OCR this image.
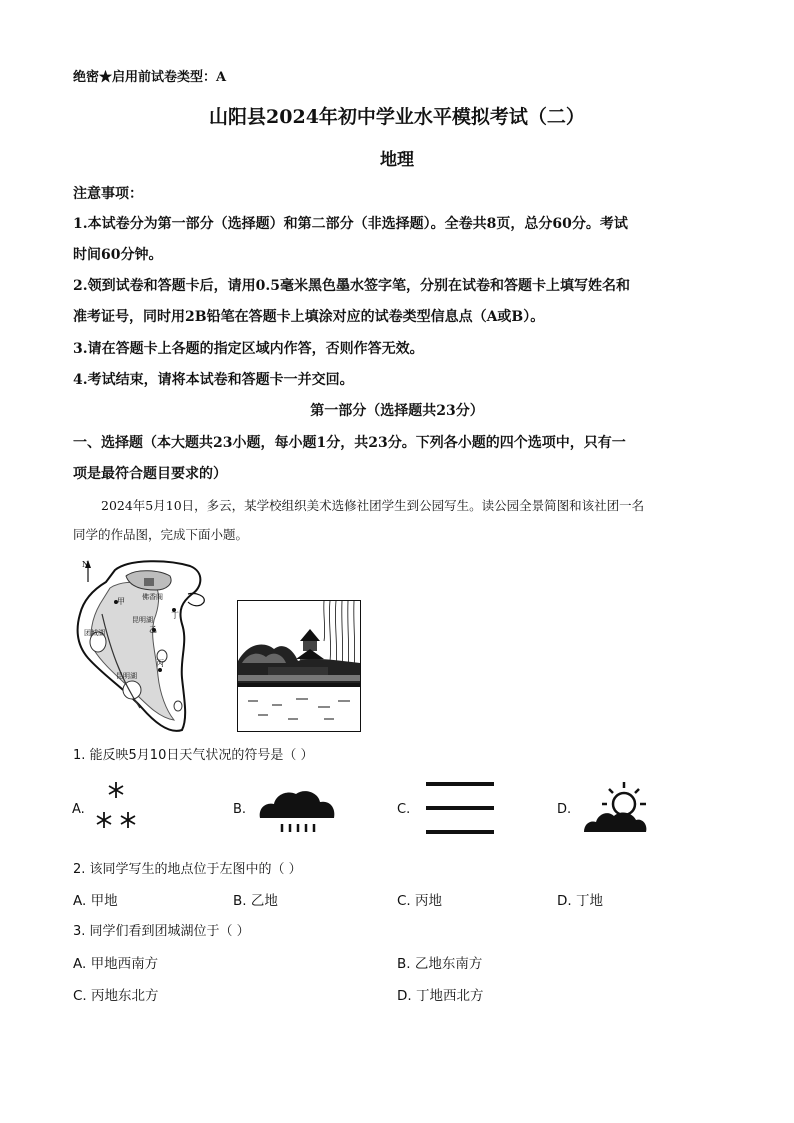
绝密★启用前试卷类型：A
山阳县2024年初中学业水平模拟考试（二）
地理
注意事项：
1.本试卷分为第一部分（选择题）和第二部分（非选择题）。全卷共8页，总分60分。考试
时间60分钟。
2.领到试卷和答题卡后，请用0.5毫米黑色墨水签字笔，分别在试卷和答题卡上填写姓名和
准考证号，同时用2B铅笔在答题卡上填涂对应的试卷类型信息点（A或B）。
3.请在答题卡上各题的指定区域内作答，否则作答无效。
4.考试结束，请将本试卷和答题卡一并交回。
第一部分（选择题共23分）
一、选择题（本大题共23小题，每小题1分，共23分。下列各小题的四个选项中，只有一
项是最符合题目要求的）
2024年5月10日，多云，某学校组织美术选修社团学生到公园写生。读公园全景简图和该社团一名
同学的作品图，完成下面小题。
N
甲 佛香阁
丁
昆明湖
乙
团城湖
丙
昆明湖
1. 能反映5月10日天气状况的符号是（ ）
A.	B.	C.	D.
2. 该同学写生的地点位于左图中的（ ）
A. 甲地	B. 乙地	C. 丙地	D. 丁地
3. 同学们看到团城湖位于（ ）
A. 甲地西南方	B. 乙地东南方
C. 丙地东北方	D. 丁地西北方
